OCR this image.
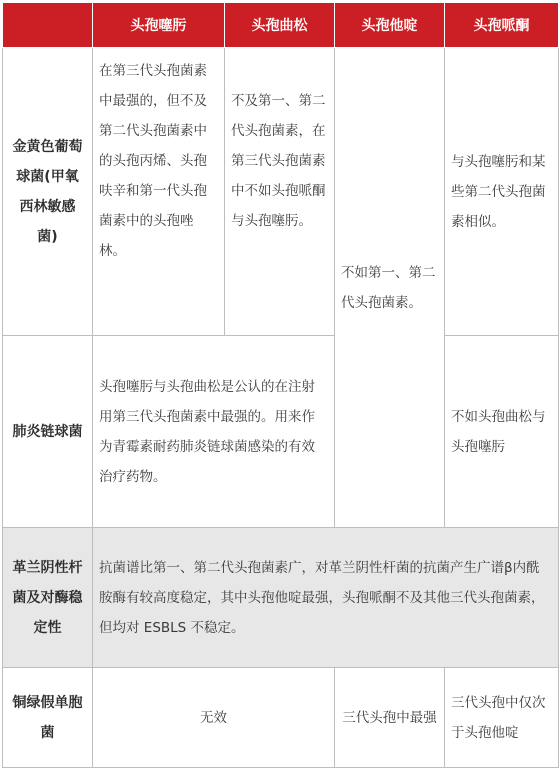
	头孢噻肟	头孢曲松	头孢他啶	头孢哌酮
金黄色葡萄球菌(甲氧西林敏感菌)	在第三代头孢菌素中最强的，但不及第二代头孢菌素中的头孢丙烯、头孢呋辛和第一代头孢菌素中的头孢唑林。	不及第一、第二代头孢菌素，在第三代头孢菌素中不如头孢哌酮与头孢噻肟。	不如第一、第二代头孢菌素。	与头孢噻肟和某些第二代头孢菌素相似。
肺炎链球菌	头孢噻肟与头孢曲松是公认的在注射用第三代头孢菌素中最强的。用来作为青霉素耐药肺炎链球菌感染的有效治疗药物。			不如头孢曲松与头孢噻肟
革兰阴性杆菌及对酶稳定性	抗菌谱比第一、第二代头孢菌素广，对革兰阴性杆菌的抗菌产生广谱β内酰胺酶有较高度稳定，其中头孢他啶最强，头孢哌酮不及其他三代头孢菌素，但均对 ESBLS 不稳定。			
铜绿假单胞菌	无效		三代头孢中最强	三代头孢中仅次于头孢他啶
